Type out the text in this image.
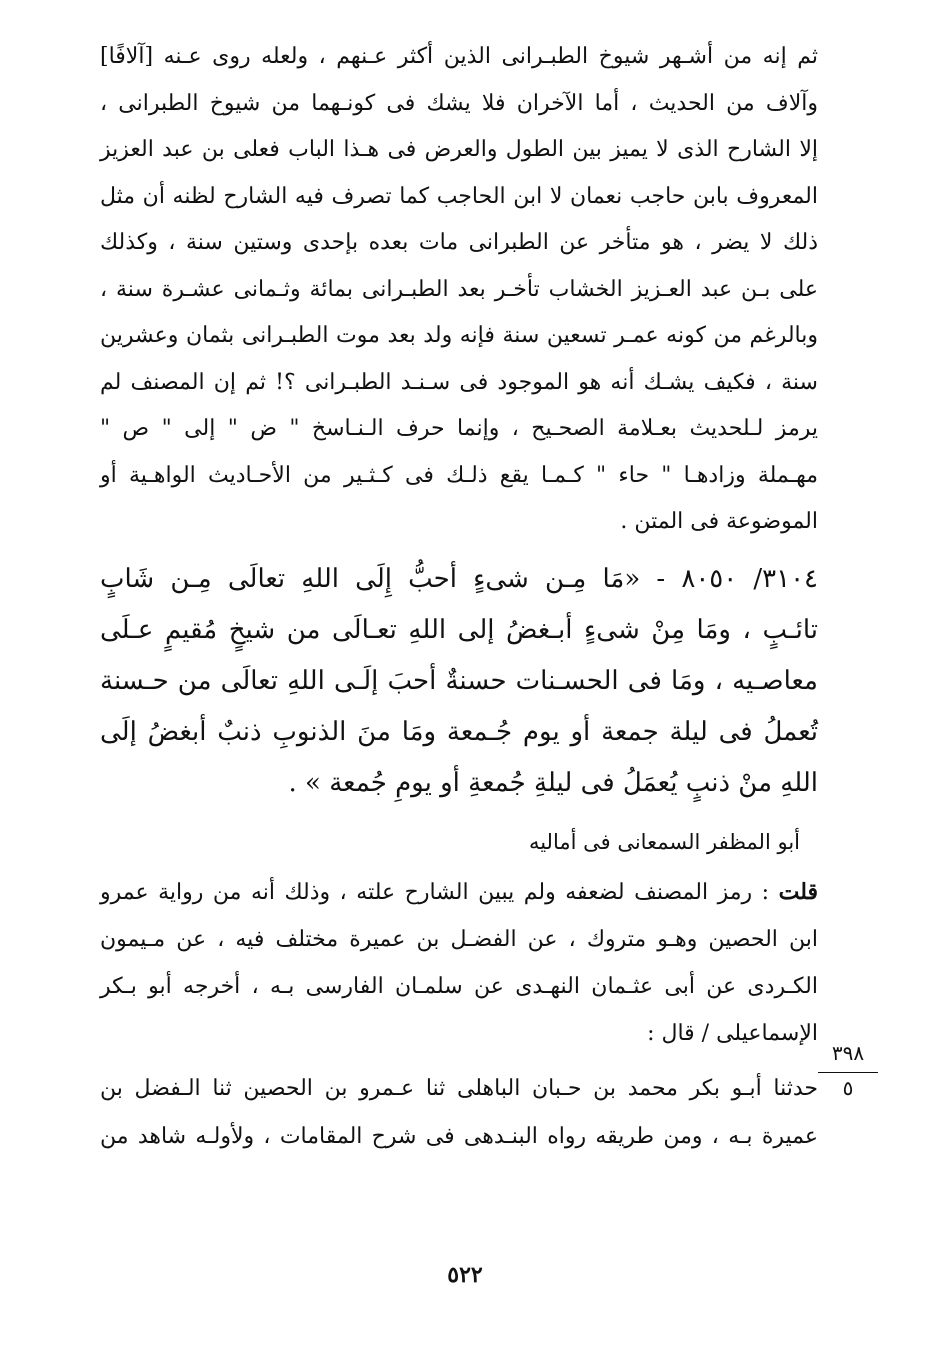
ثم إنه من أشـهر شيوخ الطبـرانى الذين أكثر عـنهم ، ولعله روى عـنه [آلافًا]
وآلاف من الحديث ، أما الآخران فلا يشك فى كونـهما من شيوخ الطبرانى ،
إلا الشارح الذى لا يميز بين الطول والعرض فى هـذا الباب فعلى بن عبد العزيز
المعروف بابن حاجب نعمان لا ابن الحاجب كما تصرف فيه الشارح لظنه أن مثل
ذلك لا يضر ، هو متأخر عن الطبرانى مات بعده بإحدى وستين سنة ، وكذلك
على بـن عبد العـزيز الخشاب تأخـر بعد الطبـرانى بمائة وثـمانى عشـرة سنة ،
وبالرغم من كونه عمـر تسعين سنة فإنه ولد بعد موت الطبـرانى بثمان وعشرين
سنة ، فكيف يشـك أنه هو الموجود فى سـنـد الطبـرانى ؟! ثم إن المصنف لم
يرمز لـلحديث بعـلامة الصحـيح ، وإنما حرف الـنـاسخ " ض " إلى " ص "
مهـملة وزادهـا " حاء " كـمـا يقع ذلـك فى كـثـير من الأحـاديث الواهـية أو
الموضوعة فى المتن .
٣١٠٤/ ٨٠٥٠ - «مَا مِـن شىءٍ أحبُّ إِلَى اللهِ تعالَى مِـن شَابٍ
تائـبٍ ، ومَا مِنْ شىءٍ أبـغضُ إلى اللهِ تعـالَى من شيخٍ مُقيمٍ عـلَى
معاصـيه ، ومَا فى الحسـنات حسنةٌ أحبَ إلَـى اللهِ تعالَى من حـسنة
تُعملُ فى ليلة جمعة أو يوم جُـمعة ومَا منَ الذنوبِ ذنبٌ أبغضُ إلَى
اللهِ منْ ذنبٍ يُعمَلُ فى ليلةِ جُمعةِ أو يومِ جُمعة » .
أبو المظفر السمعانى فى أماليه
قلت : رمز المصنف لضعفه ولم يبين الشارح علته ، وذلك أنه من رواية عمرو
ابن الحصين وهـو متروك ، عن الفضـل بن عميرة مختلف فيه ، عن مـيمون
الكـردى عن أبى عثـمان النهـدى عن سلمـان الفارسى بـه ، أخرجه أبو بـكر
الإسماعيلى / قال :
حدثنا أبـو بكر محمد بن حـبان الباهلى ثنا عـمرو بن الحصين ثنا الـفضل بن
عميرة بـه ، ومن طريقه رواه البنـدهى فى شرح المقامات ، ولأولـه شاهد من
٣٩٨
٥
٥٢٢
